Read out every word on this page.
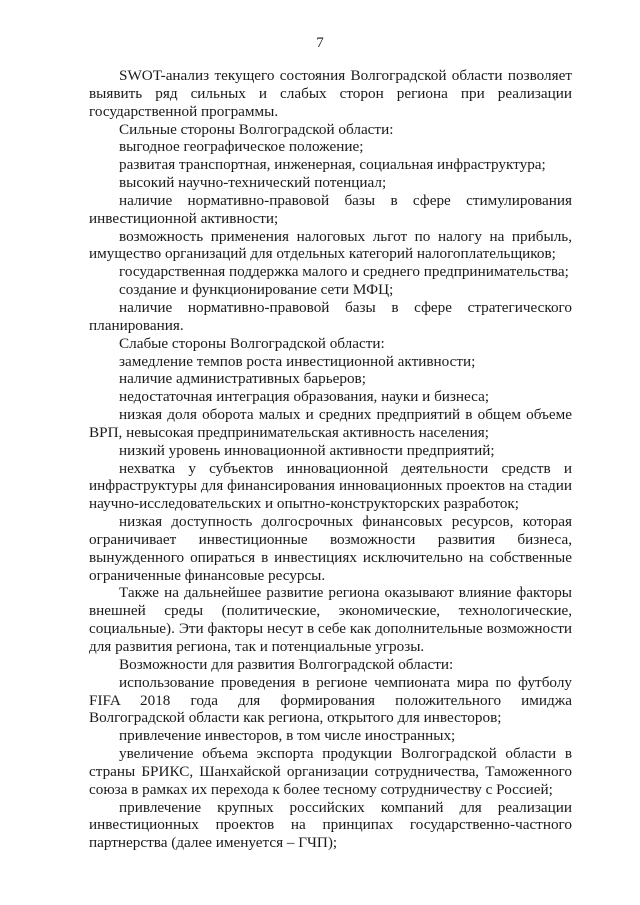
7

SWOT-анализ текущего состояния Волгоградской области позволяет выявить ряд сильных и слабых сторон региона при реализации государственной программы.

Сильные стороны Волгоградской области:

выгодное географическое положение;

развитая транспортная, инженерная, социальная инфраструктура;

высокий научно-технический потенциал;

наличие нормативно-правовой базы в сфере стимулирования инвестиционной активности;

возможность применения налоговых льгот по налогу на прибыль, имущество организаций для отдельных категорий налогоплательщиков;

государственная поддержка малого и среднего предпринимательства;

создание и функционирование сети МФЦ;

наличие нормативно-правовой базы в сфере стратегического планирования.

Слабые стороны Волгоградской области:

замедление темпов роста инвестиционной активности;

наличие административных барьеров;

недостаточная интеграция образования, науки и бизнеса;

низкая доля оборота малых и средних предприятий в общем объеме ВРП, невысокая предпринимательская активность населения;

низкий уровень инновационной активности предприятий;

нехватка у субъектов инновационной деятельности средств и инфраструктуры для финансирования инновационных проектов на стадии научно-исследовательских и опытно-конструкторских разработок;

низкая доступность долгосрочных финансовых ресурсов, которая ограничивает инвестиционные возможности развития бизнеса, вынужденного опираться в инвестициях исключительно на собственные ограниченные финансовые ресурсы.

Также на дальнейшее развитие региона оказывают влияние факторы внешней среды (политические, экономические, технологические, социальные). Эти факторы несут в себе как дополнительные возможности для развития региона, так и потенциальные угрозы.

Возможности для развития Волгоградской области:

использование проведения в регионе чемпионата мира по футболу FIFA 2018 года для формирования положительного имиджа Волгоградской области как региона, открытого для инвесторов;

привлечение инвесторов, в том числе иностранных;

увеличение объема экспорта продукции Волгоградской области в страны БРИКС, Шанхайской организации сотрудничества, Таможенного союза в рамках их перехода к более тесному сотрудничеству с Россией;

привлечение крупных российских компаний для реализации инвестиционных проектов на принципах государственно-частного партнерства (далее именуется – ГЧП);
